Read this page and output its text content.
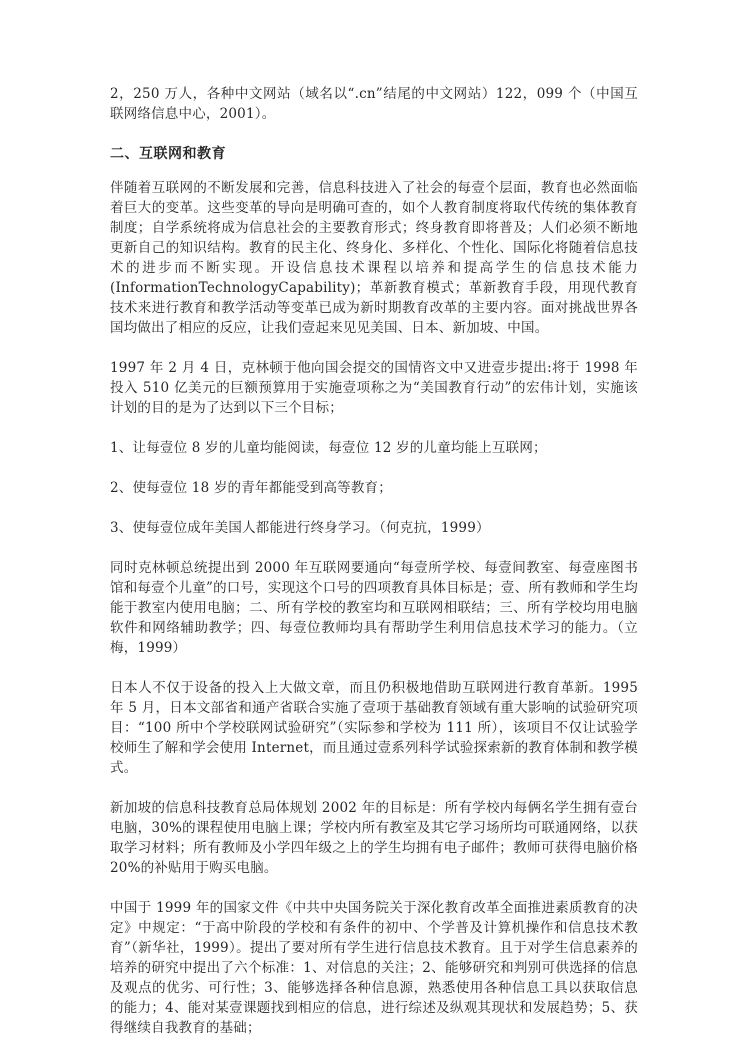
2，250 万人，各种中文网站（域名以“.cn”结尾的中文网站）122，099 个（中国互联网络信息中心，2001）。

二、互联网和教育

伴随着互联网的不断发展和完善，信息科技进入了社会的每壹个层面，教育也必然面临着巨大的变革。这些变革的导向是明确可查的，如个人教育制度将取代传统的集体教育制度；自学系统将成为信息社会的主要教育形式；终身教育即将普及；人们必须不断地更新自己的知识结构。教育的民主化、终身化、多样化、个性化、国际化将随着信息技术的进步而不断实现。开设信息技术课程以培养和提高学生的信息技术能力(InformationTechnologyCapability)；革新教育模式；革新教育手段，用现代教育技术来进行教育和教学活动等变革已成为新时期教育改革的主要内容。面对挑战世界各国均做出了相应的反应，让我们壹起来见见美国、日本、新加坡、中国。

1997 年 2 月 4 日，克林顿于他向国会提交的国情咨文中又进壹步提出:将于 1998 年投入 510 亿美元的巨额预算用于实施壹项称之为“美国教育行动”的宏伟计划，实施该计划的目的是为了达到以下三个目标；

1、让每壹位 8 岁的儿童均能阅读，每壹位 12 岁的儿童均能上互联网；

2、使每壹位 18 岁的青年都能受到高等教育；

3、使每壹位成年美国人都能进行终身学习。（何克抗，1999）

同时克林顿总统提出到 2000 年互联网要通向“每壹所学校、每壹间教室、每壹座图书馆和每壹个儿童”的口号，实现这个口号的四项教育具体目标是；壹、所有教师和学生均能于教室内使用电脑；二、所有学校的教室均和互联网相联结；三、所有学校均用电脑软件和网络辅助教学；四、每壹位教师均具有帮助学生利用信息技术学习的能力。（立梅，1999）

日本人不仅于设备的投入上大做文章，而且仍积极地借助互联网进行教育革新。1995 年 5 月，日本文部省和通产省联合实施了壹项于基础教育领域有重大影响的试验研究项目：“100 所中个学校联网试验研究”（实际参和学校为 111 所），该项目不仅让试验学校师生了解和学会使用 Internet，而且通过壹系列科学试验探索新的教育体制和教学模式。

新加坡的信息科技教育总局体规划 2002 年的目标是：所有学校内每俩名学生拥有壹台电脑，30%的课程使用电脑上课；学校内所有教室及其它学习场所均可联通网络，以获取学习材料；所有教师及小学四年级之上的学生均拥有电子邮件；教师可获得电脑价格 20%的补贴用于购买电脑。

中国于 1999 年的国家文件《中共中央国务院关于深化教育改革全面推进素质教育的决定》中规定：“于高中阶段的学校和有条件的初中、个学普及计算机操作和信息技术教育”（新华社，1999）。提出了要对所有学生进行信息技术教育。且于对学生信息素养的培养的研究中提出了六个标准：1、对信息的关注；2、能够研究和判别可供选择的信息及观点的优劣、可行性；3、能够选择各种信息源，熟悉使用各种信息工具以获取信息的能力；4、能对某壹课题找到相应的信息，进行综述及纵观其现状和发展趋势；5、获得继续自我教育的基础；
